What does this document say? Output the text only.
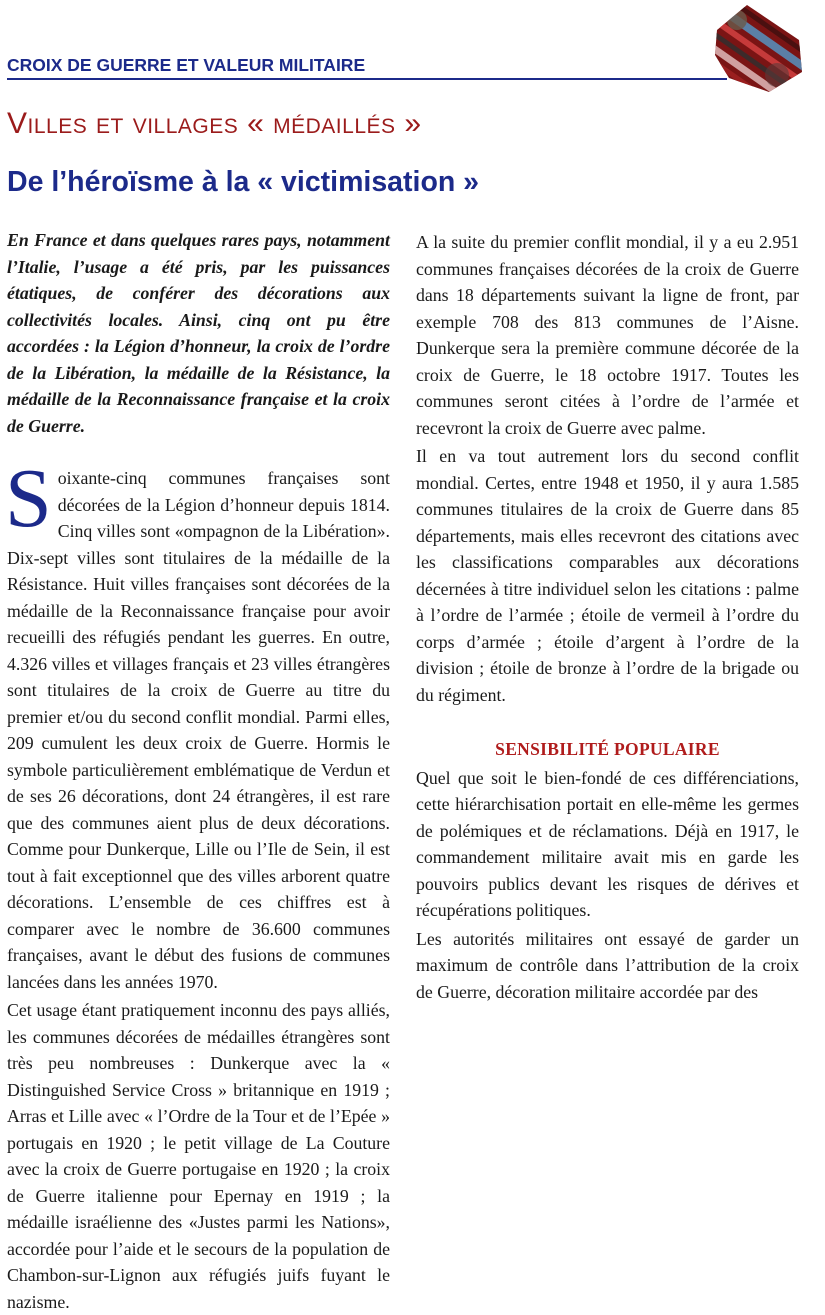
CROIX DE GUERRE ET VALEUR MILITAIRE
Villes et villages « médaillés »
De l’héroïsme à la « victimisation »

En France et dans quelques rares pays, notamment l’Italie, l’usage a été pris, par les puissances étatiques, de conférer des décorations aux collectivités locales. Ainsi, cinq ont pu être accordées : la Légion d’honneur, la croix de l’ordre de la Libération, la médaille de la Résistance, la médaille de la Reconnaissance française et la croix de Guerre.

Soixante-cinq communes françaises sont décorées de la Légion d’honneur depuis 1814. Cinq villes sont «ompagnon de la Libération». Dix-sept villes sont titulaires de la médaille de la Résistance. Huit villes françaises sont décorées de la médaille de la Reconnaissance française pour avoir recueilli des réfugiés pendant les guerres. En outre, 4.326 villes et villages français et 23 villes étrangères sont titulaires de la croix de Guerre au titre du premier et/ou du second conflit mondial. Parmi elles, 209 cumulent les deux croix de Guerre. Hormis le symbole particulièrement emblématique de Verdun et de ses 26 décorations, dont 24 étrangères, il est rare que des communes aient plus de deux décorations. Comme pour Dunkerque, Lille ou l’Ile de Sein, il est tout à fait exceptionnel que des villes arborent quatre décorations. L’ensemble de ces chiffres est à comparer avec le nombre de 36.600 communes françaises, avant le début des fusions de communes lancées dans les années 1970.

Cet usage étant pratiquement inconnu des pays alliés, les communes décorées de médailles étrangères sont très peu nombreuses : Dunkerque avec la « Distinguished Service Cross » britannique en 1919 ; Arras et Lille avec « l’Ordre de la Tour et de l’Epée » portugais en 1920 ; le petit village de La Couture avec la croix de Guerre portugaise en 1920 ; la croix de Guerre italienne pour Epernay en 1919 ; la médaille israélienne des «Justes parmi les Nations», accordée pour l’aide et le secours de la population de Chambon-sur-Lignon aux réfugiés juifs fuyant le nazisme.

A la suite du premier conflit mondial, il y a eu 2.951 communes françaises décorées de la croix de Guerre dans 18 départements suivant la ligne de front, par exemple 708 des 813 communes de l’Aisne. Dunkerque sera la première commune décorée de la croix de Guerre, le 18 octobre 1917. Toutes les communes seront citées à l’ordre de l’armée et recevront la croix de Guerre avec palme.

Il en va tout autrement lors du second conflit mondial. Certes, entre 1948 et 1950, il y aura 1.585 communes titulaires de la croix de Guerre dans 85 départements, mais elles recevront des citations avec les classifications comparables aux décorations décernées à titre individuel selon les citations : palme à l’ordre de l’armée ; étoile de vermeil à l’ordre du corps d’armée ; étoile d’argent à l’ordre de la division ; étoile de bronze à l’ordre de la brigade ou du régiment.

SENSIBILITÉ POPULAIRE

Quel que soit le bien-fondé de ces différenciations, cette hiérarchisation portait en elle-même les germes de polémiques et de réclamations. Déjà en 1917, le commandement militaire avait mis en garde les pouvoirs publics devant les risques de dérives et récupérations politiques.

Les autorités militaires ont essayé de garder un maximum de contrôle dans l’attribution de la croix de Guerre, décoration militaire accordée par des
